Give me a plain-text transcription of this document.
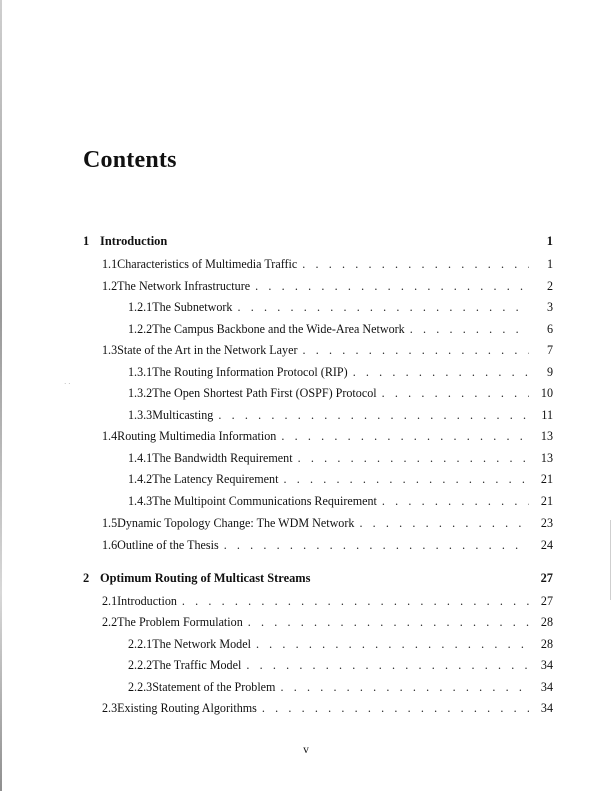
· ·
Contents
1 Introduction	1
1.1 Characteristics of Multimedia Traffic . . .	1
1.2 The Network Infrastructure . . .	2
1.2.1 The Subnetwork . . .	3
1.2.2 The Campus Backbone and the Wide-Area Network . . .	6
1.3 State of the Art in the Network Layer . . .	7
1.3.1 The Routing Information Protocol (RIP) . . .	9
1.3.2 The Open Shortest Path First (OSPF) Protocol . . .	10
1.3.3 Multicasting . . .	11
1.4 Routing Multimedia Information . . .	13
1.4.1 The Bandwidth Requirement . . .	13
1.4.2 The Latency Requirement . . .	21
1.4.3 The Multipoint Communications Requirement . . .	21
1.5 Dynamic Topology Change: The WDM Network . . .	23
1.6 Outline of the Thesis . . .	24
2 Optimum Routing of Multicast Streams	27
2.1 Introduction . . .	27
2.2 The Problem Formulation . . .	28
2.2.1 The Network Model . . .	28
2.2.2 The Traffic Model . . .	34
2.2.3 Statement of the Problem . . .	34
2.3 Existing Routing Algorithms . . .	34
v
